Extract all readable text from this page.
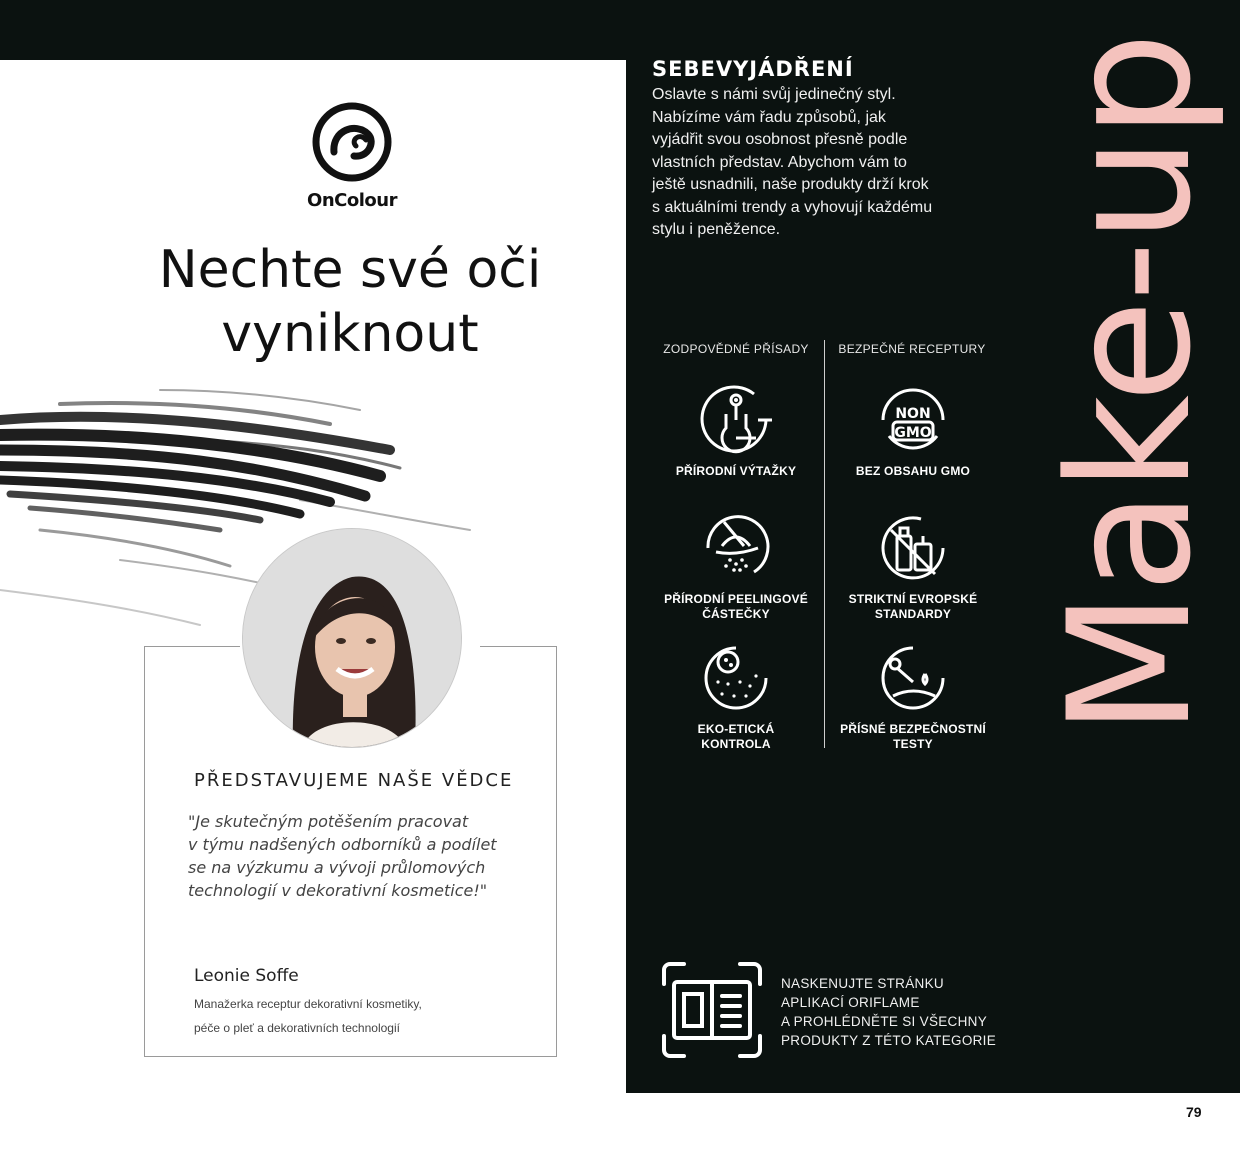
OnColour
Nechte své oči
vyniknout
PŘEDSTAVUJEME NAŠE VĚDCE
"Je skutečným potěšením pracovat
v týmu nadšených odborníků a podílet
se na výzkumu a vývoji průlomových
technologií v dekorativní kosmetice!"
Leonie Soffe
Manažerka receptur dekorativní kosmetiky,
péče o pleť a dekorativních technologií
SEBEVYJÁDŘENÍ
Oslavte s námi svůj jedinečný styl.
Nabízíme vám řadu způsobů, jak
vyjádřit svou osobnost přesně podle
vlastních představ. Abychom vám to
ještě usnadnili, naše produkty drží krok
s aktuálními trendy a vyhovují každému
stylu i peněžence.	Make-up
ZODPOVĚDNÉ PŘÍSADY	BEZPEČNÉ RECEPTURY
PŘÍRODNÍ VÝTAŽKY
PŘÍRODNÍ PEELINGOVÉ
ČÁSTEČKY
EKO-ETICKÁ
KONTROLA
NON
GMO
BEZ OBSAHU GMO
STRIKTNÍ EVROPSKÉ
STANDARDY
PŘÍSNÉ BEZPEČNOSTNÍ
TESTY
NASKENUJTE STRÁNKU
APLIKACÍ ORIFLAME
A PROHLÉDNĚTE SI VŠECHNY
PRODUKTY Z TÉTO KATEGORIE
79
